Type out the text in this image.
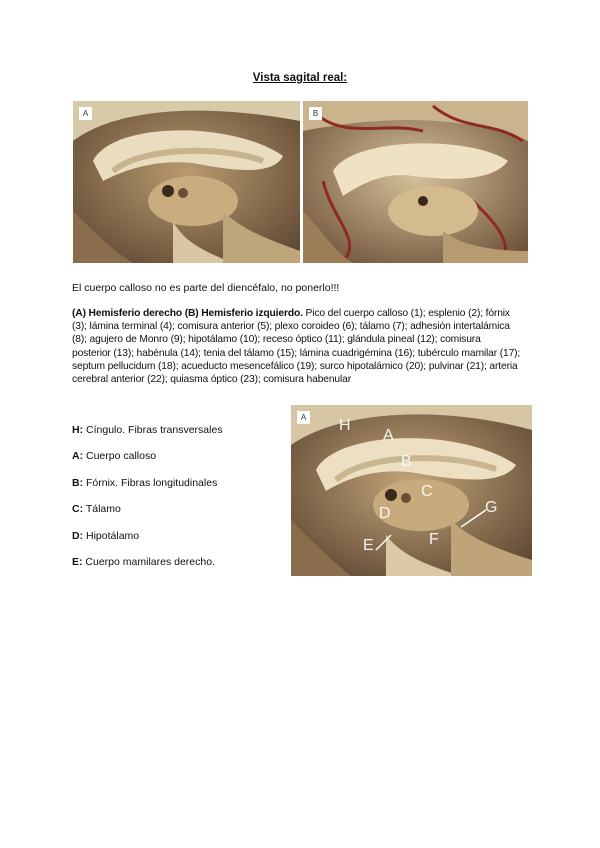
Vista sagital real:
A	B
El cuerpo calloso no es parte del diencéfalo, no ponerlo!!!
(A) Hemisferio derecho (B) Hemisferio izquierdo. Pico del cuerpo calloso (1); esplenio (2); fórnix (3); lámina terminal (4); comisura anterior (5); plexo coroideo (6); tálamo (7); adhesión intertalámica (8); agujero de Monro (9); hipotálamo (10); receso óptico (11); glándula pineal (12); comisura posterior (13); habénula (14); tenia del tálamo (15); lámina cuadrigémina (16); tubérculo mamilar (17); septum pellucidum (18); acueducto mesencefálico (19); surco hipotalámico (20); pulvinar (21); arteria cerebral anterior (22); quiasma óptico (23); comisura habenular
H: Cíngulo. Fibras transversales
A: Cuerpo calloso
B: Fórnix. Fibras longitudinales
C: Tálamo
D: Hipotálamo
E: Cuerpo mamilares derecho.
A H
A
B
C
D
E	F
G
